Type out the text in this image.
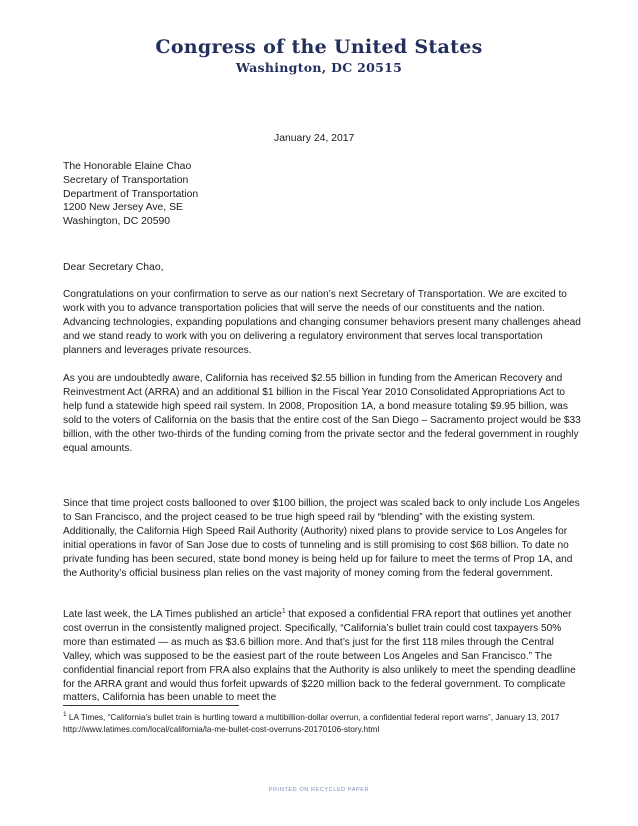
Congress of the United States
Washington, DC 20515
January 24, 2017
The Honorable Elaine Chao
Secretary of Transportation
Department of Transportation
1200 New Jersey Ave, SE
Washington, DC 20590
Dear Secretary Chao,

Congratulations on your confirmation to serve as our nation’s next Secretary of Transportation. We are excited to work with you to advance transportation policies that will serve the needs of our constituents and the nation. Advancing technologies, expanding populations and changing consumer behaviors present many challenges ahead and we stand ready to work with you on delivering a regulatory environment that serves local transportation planners and leverages private resources.

As you are undoubtedly aware, California has received $2.55 billion in funding from the American Recovery and Reinvestment Act (ARRA) and an additional $1 billion in the Fiscal Year 2010 Consolidated Appropriations Act to help fund a statewide high speed rail system. In 2008, Proposition 1A, a bond measure totaling $9.95 billion, was sold to the voters of California on the basis that the entire cost of the San Diego – Sacramento project would be $33 billion, with the other two-thirds of the funding coming from the private sector and the federal government in roughly equal amounts.

Since that time project costs ballooned to over $100 billion, the project was scaled back to only include Los Angeles to San Francisco, and the project ceased to be true high speed rail by “blending” with the existing system. Additionally, the California High Speed Rail Authority (Authority) nixed plans to provide service to Los Angeles for initial operations in favor of San Jose due to costs of tunneling and is still promising to cost $68 billion. To date no private funding has been secured, state bond money is being held up for failure to meet the terms of Prop 1A, and the Authority’s official business plan relies on the vast majority of money coming from the federal government.

Late last week, the LA Times published an article$^1$ that exposed a confidential FRA report that outlines yet another cost overrun in the consistently maligned project. Specifically, “California’s bullet train could cost taxpayers 50% more than estimated — as much as $3.6 billion more. And that’s just for the first 118 miles through the Central Valley, which was supposed to be the easiest part of the route between Los Angeles and San Francisco.” The confidential financial report from FRA also explains that the Authority is also unlikely to meet the spending deadline for the ARRA grant and would thus forfeit upwards of $220 million back to the federal government. To complicate matters, California has been unable to meet the

$^1$ LA Times, “California’s bullet train is hurtling toward a multibillion-dollar overrun, a confidential federal report warns”, January 13, 2017 http://www.latimes.com/local/california/la-me-bullet-cost-overruns-20170106-story.html

PRINTED ON RECYCLED PAPER
